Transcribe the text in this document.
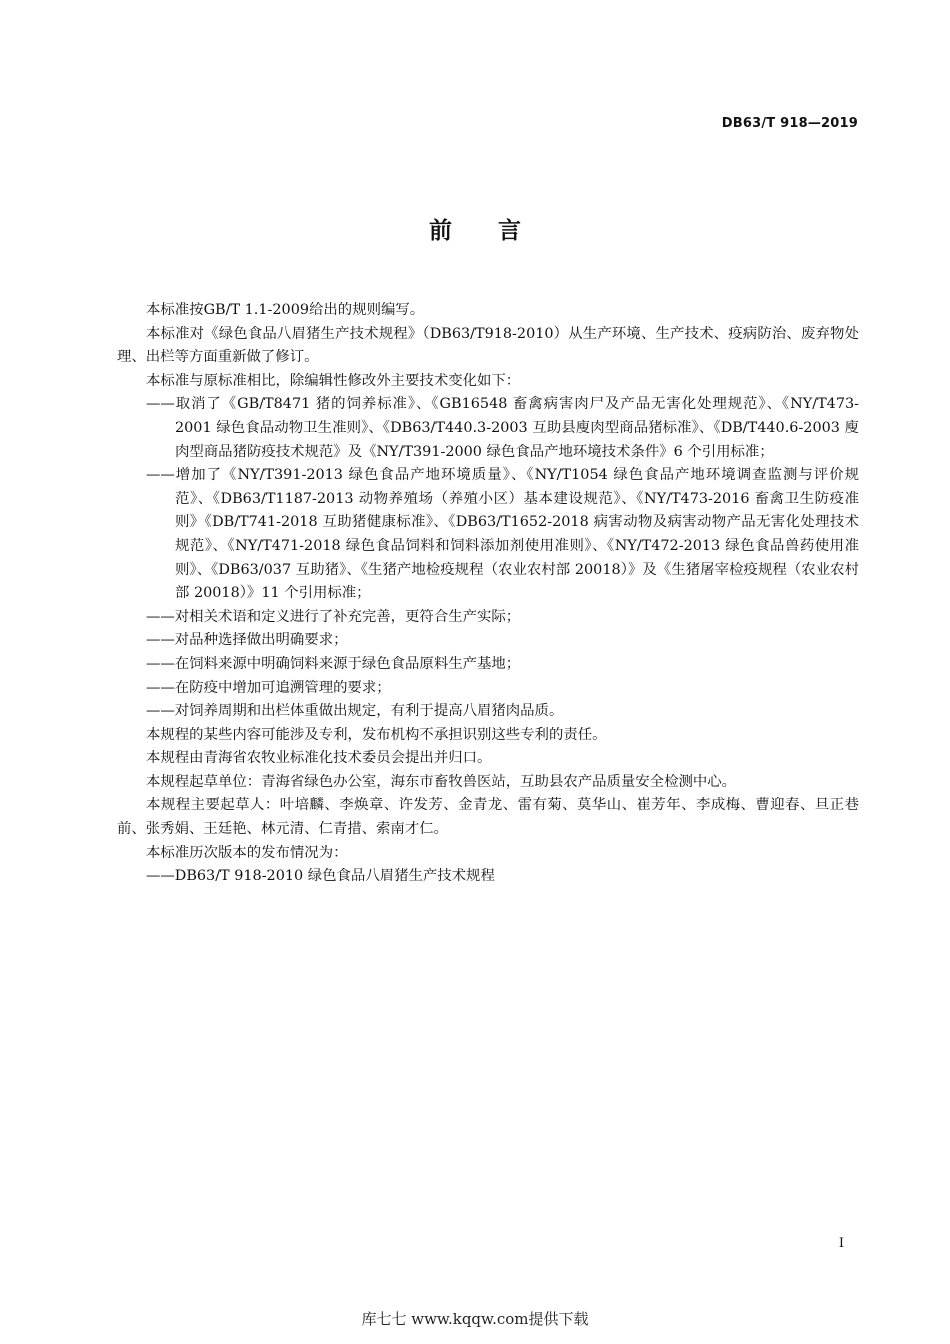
DB63/T 918—2019
前 言

本标准按GB/T 1.1-2009给出的规则编写。

本标准对《绿色食品八眉猪生产技术规程》（DB63/T918-2010）从生产环境、生产技术、疫病防治、废弃物处理、出栏等方面重新做了修订。

本标准与原标准相比，除编辑性修改外主要技术变化如下：

——取消了《GB/T8471 猪的饲养标准》、《GB16548 畜禽病害肉尸及产品无害化处理规范》、《NY/T473-2001 绿色食品动物卫生准则》、《DB63/T440.3-2003 互助县廋肉型商品猪标准》、《DB/T440.6-2003 廋肉型商品猪防疫技术规范》及《NY/T391-2000 绿色食品产地环境技术条件》6 个引用标准；

——增加了《NY/T391-2013 绿色食品产地环境质量》、《NY/T1054 绿色食品产地环境调查监测与评价规范》、《DB63/T1187-2013 动物养殖场（养殖小区）基本建设规范》、《NY/T473-2016 畜禽卫生防疫准则》《DB/T741-2018 互助猪健康标准》、《DB63/T1652-2018 病害动物及病害动物产品无害化处理技术规范》、《NY/T471-2018 绿色食品饲料和饲料添加剂使用准则》、《NY/T472-2013 绿色食品兽药使用准则》、《DB63/037 互助猪》、《生猪产地检疫规程（农业农村部 20018）》及《生猪屠宰检疫规程（农业农村部 20018）》11 个引用标准；

——对相关术语和定义进行了补充完善，更符合生产实际；

——对品种选择做出明确要求；

——在饲料来源中明确饲料来源于绿色食品原料生产基地；

——在防疫中增加可追溯管理的要求；

——对饲养周期和出栏体重做出规定，有利于提高八眉猪肉品质。

本规程的某些内容可能涉及专利，发布机构不承担识别这些专利的责任。

本规程由青海省农牧业标准化技术委员会提出并归口。

本规程起草单位：青海省绿色办公室，海东市畜牧兽医站，互助县农产品质量安全检测中心。

本规程主要起草人：叶培麟、李焕章、许发芳、金青龙、雷有菊、莫华山、崔芳年、李成梅、曹迎春、旦正巷前、张秀娟、王廷艳、林元清、仁青措、索南才仁。

本标准历次版本的发布情况为：

——DB63/T 918-2010 绿色食品八眉猪生产技术规程

I
库七七 www.kqqw.com提供下载
